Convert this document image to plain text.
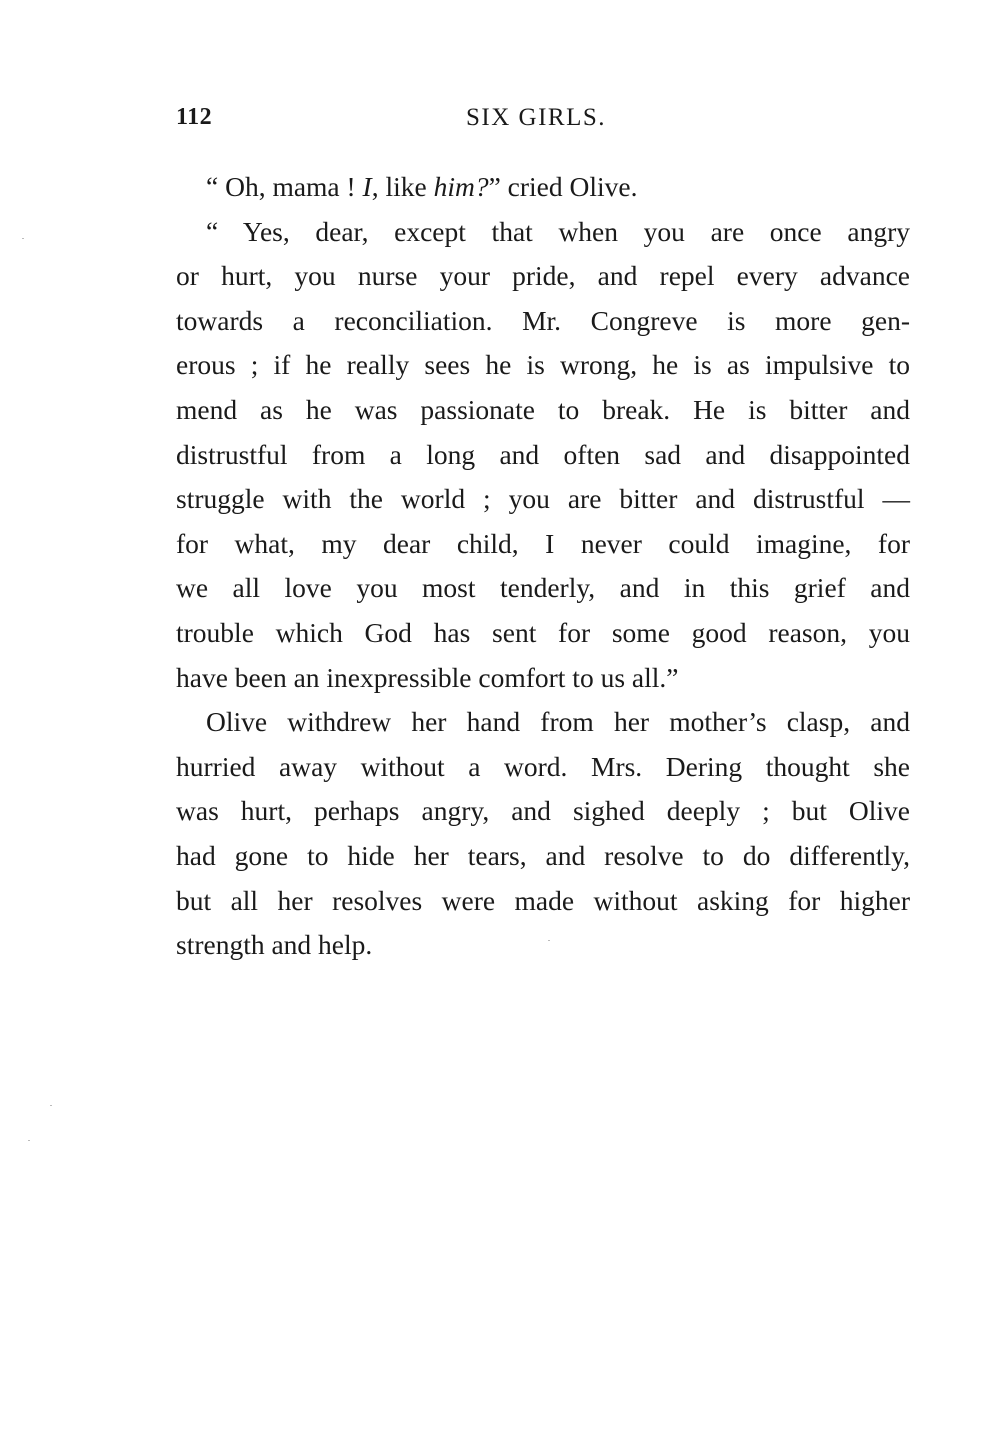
112	SIX GIRLS.
“ Oh, mama ! I, like him?” cried Olive.
“ Yes, dear, except that when you are once angry
or hurt, you nurse your pride, and repel every advance
towards a reconciliation. Mr. Congreve is more gen-
erous ; if he really sees he is wrong, he is as impulsive to
mend as he was passionate to break. He is bitter and
distrustful from a long and often sad and disappointed
struggle with the world ; you are bitter and distrustful —
for what, my dear child, I never could imagine, for
we all love you most tenderly, and in this grief and
trouble which God has sent for some good reason, you
have been an inexpressible comfort to us all.”
Olive withdrew her hand from her mother’s clasp, and
hurried away without a word. Mrs. Dering thought she
was hurt, perhaps angry, and sighed deeply ; but Olive
had gone to hide her tears, and resolve to do differently,
but all her resolves were made without asking for higher
strength and help.
